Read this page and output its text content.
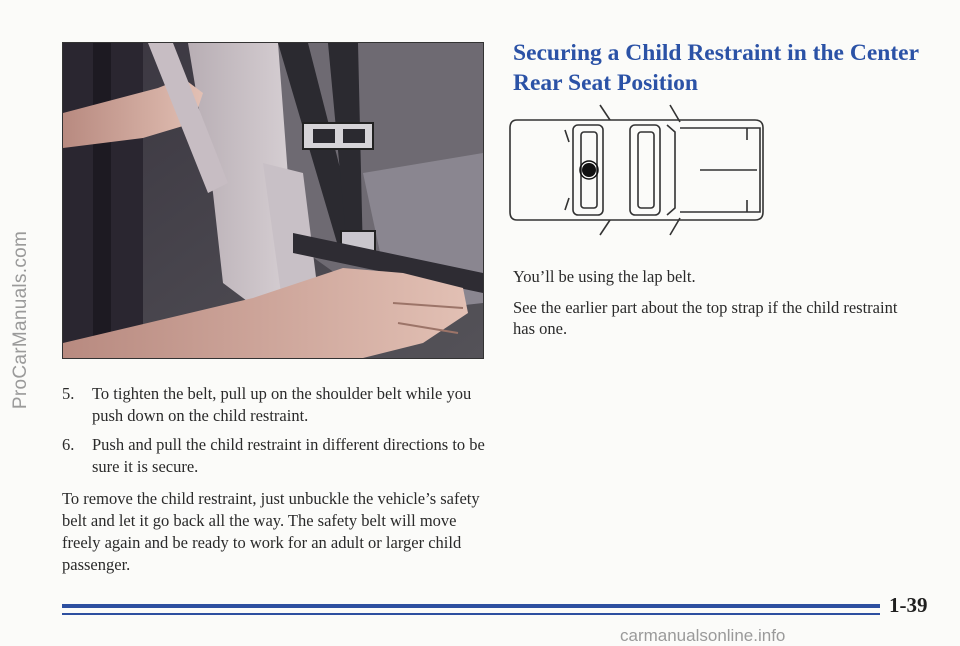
ProCarManuals.com 5.	To tighten the belt, pull up on the shoulder belt while you push down on the child restraint.
6.	Push and pull the child restraint in different directions to be sure it is secure.

To remove the child restraint, just unbuckle the vehicle’s safety belt and let it go back all the way. The safety belt will move freely again and be ready to work for an adult or larger child passenger.

Securing a Child Restraint in the Center Rear Seat Position

You’ll be using the lap belt.

See the earlier part about the top strap if the child restraint has one.

1-39
carmanualsonline.info
